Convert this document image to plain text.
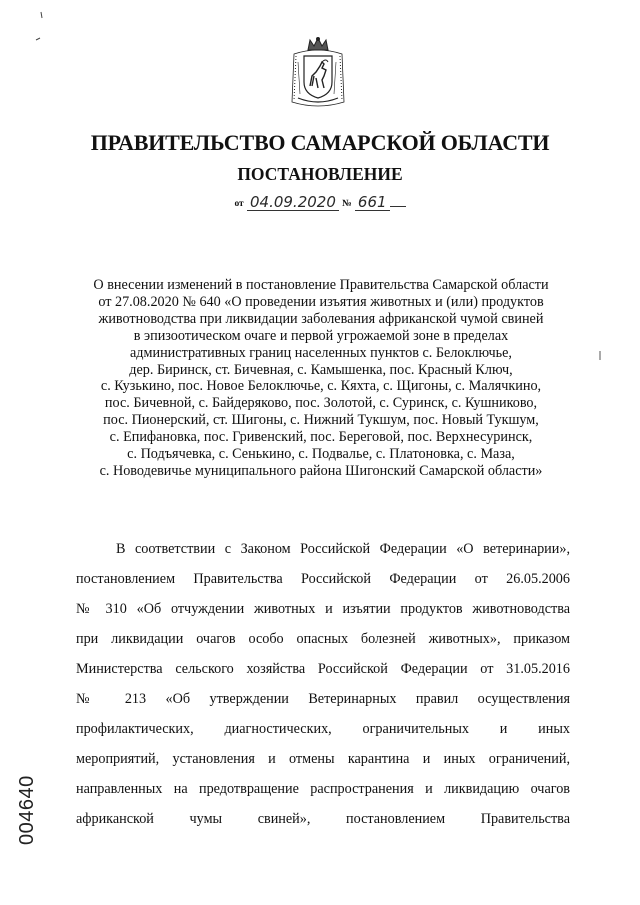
ПРАВИТЕЛЬСТВО САМАРСКОЙ ОБЛАСТИ
ПОСТАНОВЛЕНИЕ
от 04.09.2020 № 661
О внесении изменений в постановление Правительства Самарской области
от 27.08.2020 № 640 «О проведении изъятия животных и (или) продуктов
животноводства при ликвидации заболевания африканской чумой свиней
в эпизоотическом очаге и первой угрожаемой зоне в пределах
административных границ населенных пунктов с. Белоключье,
дер. Биринск, ст. Бичевная, с. Камышенка, пос. Красный Ключ,
с. Кузькино, пос. Новое Белоключье, с. Кяхта, с. Щигоны, с. Малячкино,
пос. Бичевной, с. Байдеряково, пос. Золотой, с. Суринск, с. Кушниково,
пос. Пионерский, ст. Шигоны, с. Нижний Тукшум, пос. Новый Тукшум,
с. Епифановка, пос. Гривенский, пос. Береговой, пос. Верхнесуринск,
с. Подъячевка, с. Сенькино, с. Подвалье, с. Платоновка, с. Маза,
с. Новодевичье муниципального района Шигонский Самарской области»
В соответствии с Законом Российской Федерации «О ветеринарии»,
постановлением Правительства Российской Федерации от 26.05.2006
№ 310 «Об отчуждении животных и изъятии продуктов животноводства
при ликвидации очагов особо опасных болезней животных», приказом
Министерства сельского хозяйства Российской Федерации от 31.05.2016
№ 213 «Об утверждении Ветеринарных правил осуществления
профилактических, диагностических, ограничительных и иных
мероприятий, установления и отмены карантина и иных ограничений,
направленных на предотвращение распространения и ликвидацию очагов
африканской чумы свиней», постановлением Правительства
004640
